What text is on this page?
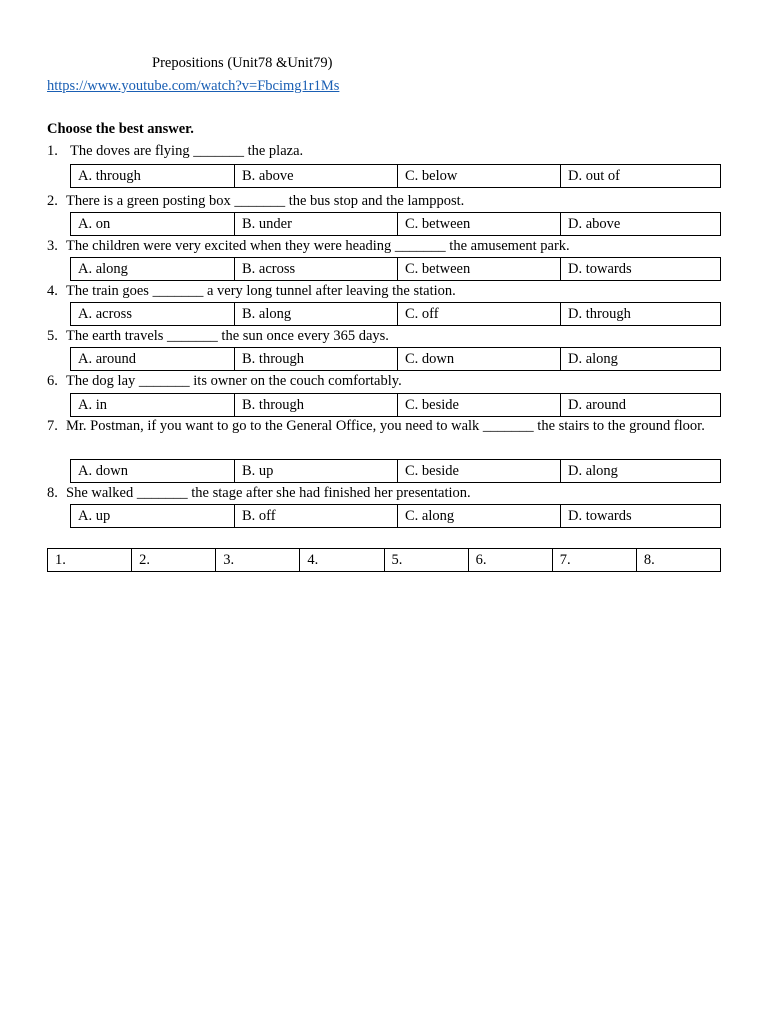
Prepositions (Unit78 &Unit79)
https://www.youtube.com/watch?v=Fbcimg1r1Ms
Choose the best answer.
1. The doves are flying _______ the plaza.
A. through	B. above	C. below	D. out of
2. There is a green posting box _______ the bus stop and the lamppost.
A. on	B. under	C. between	D. above
3. The children were very excited when they were heading _______ the amusement park.
A. along	B. across	C. between	D. towards
4. The train goes _______ a very long tunnel after leaving the station.
A. across	B. along	C. off	D. through
5. The earth travels _______ the sun once every 365 days.
A. around	B. through	C. down	D. along
6. The dog lay _______ its owner on the couch comfortably.
A. in	B. through	C. beside	D. around
7. Mr. Postman, if you want to go to the General Office, you need to walk _______ the stairs to the ground floor.
A. down	B. up	C. beside	D. along
8. She walked _______ the stage after she had finished her presentation.
A. up	B. off	C. along	D. towards
1.	2.	3.	4.	5.	6.	7.	8.
